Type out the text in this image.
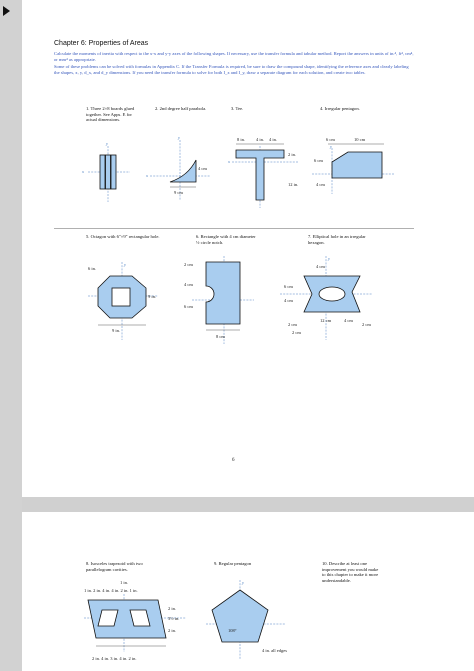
Chapter 6: Properties of Areas

Calculate the moments of inertia with respect to the x-x and y-y axes of the following shapes. If necessary, use the transfer formula and tabular method. Report the answers in units of in.⁴, ft⁴, cm⁴, or mm⁴ as appropriate.

Some of these problems can be solved with formulas in Appendix C. If the Transfer Formula is required, be sure to draw the compound shape, identifying the reference axes and clearly labeling the shapes, x, y, d_x, and d_y dimensions. If you need the transfer formula to solve for both I_x and I_y, draw a separate diagram for each solution, and create two tables.

1. Three 2×8 boards glued together. See Apps. E for actual dimensions.
2. 2nd degree half parabola.	3. Tee.	4. Irregular pentagon.
y
x
9 cm
4 cm
y
x
8 in. 4 in. 4 in.
2 in.
12 in.
x
6 cm	10 cm
6 cm
4 cm
y
5. Octagon with 6"×9" rectangular hole.	6. Rectangle with 4 cm diameter ½ circle notch.
7. Elliptical hole in an irregular hexagon.
6 in.
9 in.
9 in.
y	2 cm
4 cm
6 cm
8 cm
4 cm
6 cm
4 cm
12 cm	4 cm
2 cm	2 cm
2 cm
y
6
8. Isosceles trapezoid with two parallelogram cavities.
9. Regular pentagon	10. Describe at least one improvement you would make to this chapter to make it more understandable.
1 in.
1 in. 2 in. 4 in. 4 in. 2 in. 1 in.
2 in.
3½ in.
2 in.
2 in. 4 in. 3 in. 4 in. 2 in.
108°
4 in. all edges
y
